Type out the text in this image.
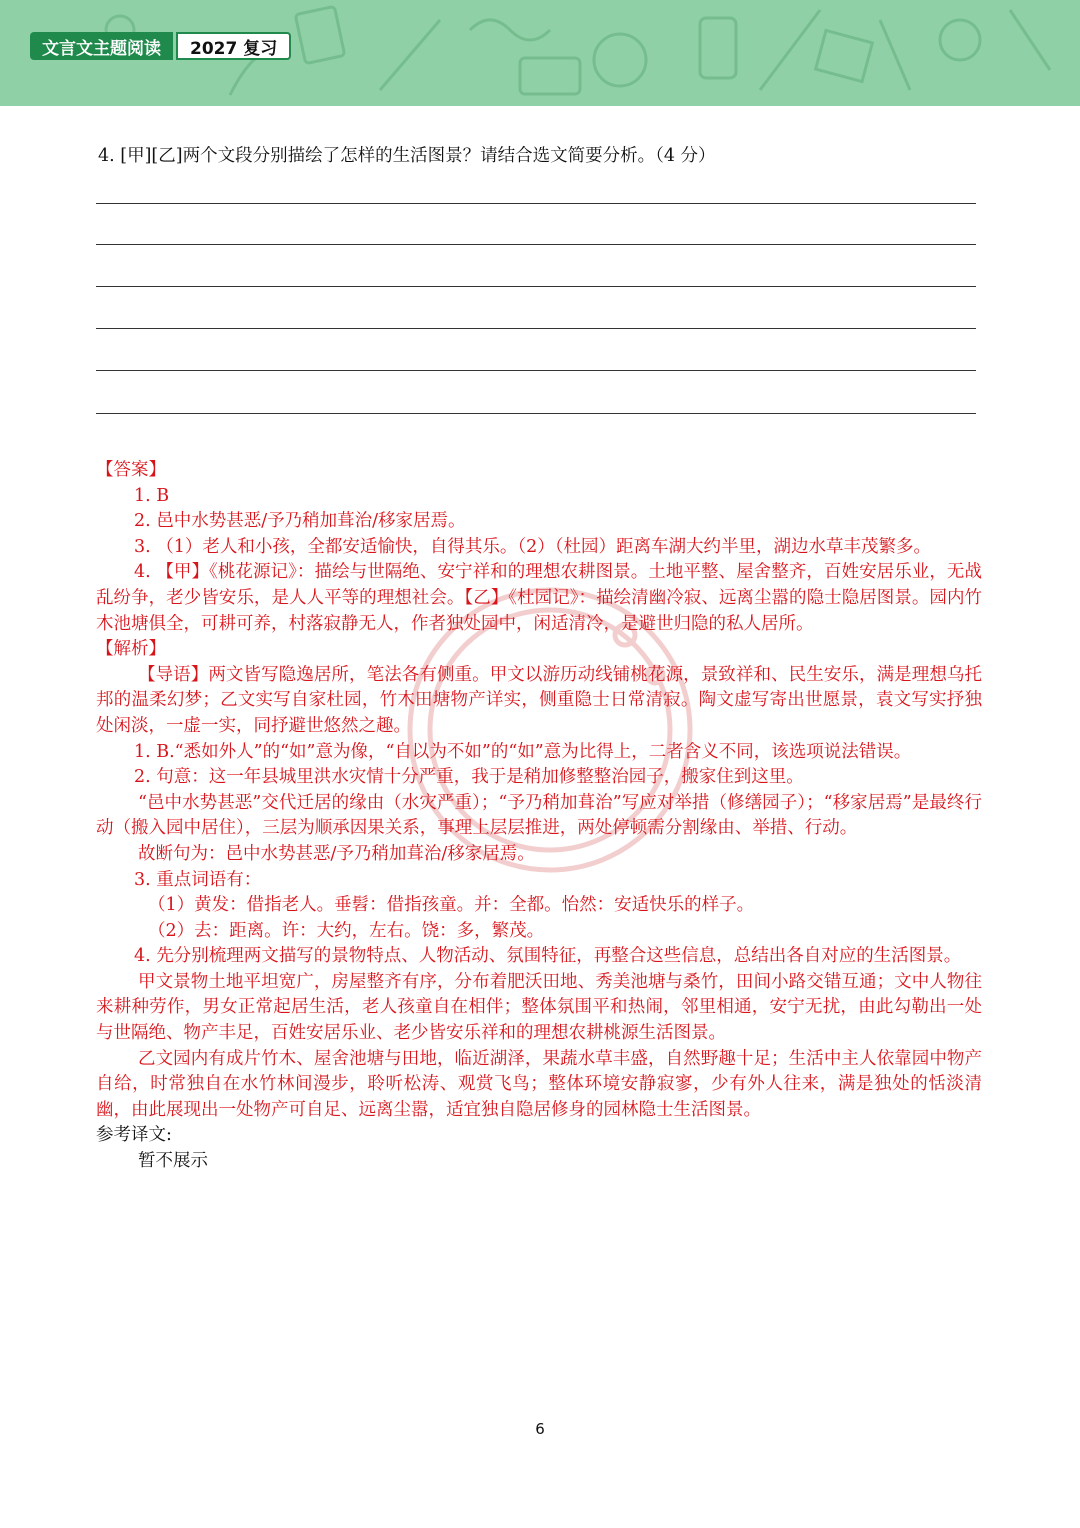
文言文主题阅读	2027 复习
4. [甲][乙]两个文段分别描绘了怎样的生活图景？请结合选文简要分析。（4 分）

【答案】

1. B

2. 邑中水势甚恶/予乃稍加葺治/移家居焉。

3. （1）老人和小孩，全都安适愉快，自得其乐。（2）（杜园）距离车湖大约半里，湖边水草丰茂繁多。

4. 【甲】《桃花源记》：描绘与世隔绝、安宁祥和的理想农耕图景。土地平整、屋舍整齐，百姓安居乐业，无战乱纷争，老少皆安乐，是人人平等的理想社会。【乙】《杜园记》：描绘清幽冷寂、远离尘嚣的隐士隐居图景。园内竹木池塘俱全，可耕可养，村落寂静无人，作者独处园中，闲适清冷，是避世归隐的私人居所。

【解析】

【导语】两文皆写隐逸居所，笔法各有侧重。甲文以游历动线铺桃花源，景致祥和、民生安乐，满是理想乌托邦的温柔幻梦；乙文实写自家杜园，竹木田塘物产详实，侧重隐士日常清寂。陶文虚写寄出世愿景，袁文写实抒独处闲淡，一虚一实，同抒避世悠然之趣。

1. B.“悉如外人”的“如”意为像，“自以为不如”的“如”意为比得上，二者含义不同，该选项说法错误。

2. 句意：这一年县城里洪水灾情十分严重，我于是稍加修整整治园子，搬家住到这里。

“邑中水势甚恶”交代迁居的缘由（水灾严重）；“予乃稍加葺治”写应对举措（修缮园子）；“移家居焉”是最终行动（搬入园中居住），三层为顺承因果关系，事理上层层推进，两处停顿需分割缘由、举措、行动。

故断句为：邑中水势甚恶/予乃稍加葺治/移家居焉。

3. 重点词语有：

（1）黄发：借指老人。垂髫：借指孩童。并：全都。怡然：安适快乐的样子。

（2）去：距离。许：大约，左右。饶：多，繁茂。

4. 先分别梳理两文描写的景物特点、人物活动、氛围特征，再整合这些信息，总结出各自对应的生活图景。

甲文景物土地平坦宽广，房屋整齐有序，分布着肥沃田地、秀美池塘与桑竹，田间小路交错互通；文中人物往来耕种劳作，男女正常起居生活，老人孩童自在相伴；整体氛围平和热闹，邻里相通，安宁无扰，由此勾勒出一处与世隔绝、物产丰足，百姓安居乐业、老少皆安乐祥和的理想农耕桃源生活图景。

乙文园内有成片竹木、屋舍池塘与田地，临近湖泽，果蔬水草丰盛，自然野趣十足；生活中主人依靠园中物产自给，时常独自在水竹林间漫步，聆听松涛、观赏飞鸟；整体环境安静寂寥，少有外人往来，满是独处的恬淡清幽，由此展现出一处物产可自足、远离尘嚣，适宜独自隐居修身的园林隐士生活图景。

参考译文:

暂不展示

6
